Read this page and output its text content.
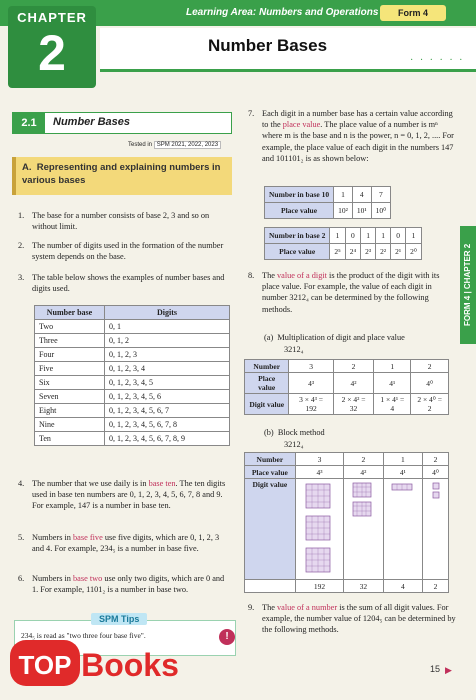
CHAPTER
2
Learning Area: Numbers and Operations	Form 4
Number Bases
· · · · · ·
FORM 4 | CHAPTER 2
2.1	Number Bases
Tested in SPM 2021, 2022, 2023
A. Representing and explaining numbers in various bases
1. The base for a number consists of base 2, 3 and so on without limit.
2. The number of digits used in the formation of the number system depends on the base.
3. The table below shows the examples of number bases and digits used.
Number base	Digits
Two	0, 1
Three	0, 1, 2
Four	0, 1, 2, 3
Five	0, 1, 2, 3, 4
Six	0, 1, 2, 3, 4, 5
Seven	0, 1, 2, 3, 4, 5, 6
Eight	0, 1, 2, 3, 4, 5, 6, 7
Nine	0, 1, 2, 3, 4, 5, 6, 7, 8
Ten	0, 1, 2, 3, 4, 5, 6, 7, 8, 9
4. The number that we use daily is in base ten. The ten digits used in base ten numbers are 0, 1, 2, 3, 4, 5, 6, 7, 8 and 9. For example, 147 is a number in base ten.
5. Numbers in base five use five digits, which are 0, 1, 2, 3 and 4. For example, 234₅ is a number in base five.
6. Numbers in base two use only two digits, which are 0 and 1. For example, 1101₂ is a number in base two.
SPM Tips
234₅ is read as "two three four base five".	!
TOP Books
7. Each digit in a number base has a certain value according to the place value. The place value of a number is mⁿ where m is the base and n is the power, n = 0, 1, 2, .... For example, the place value of each digit in the numbers 147 and 101101₂ is as shown below:
Number in base 10	1	4	7
Place value	10²	10¹	10⁰
Number in base 2	1	0	1	1	0	1
Place value	2⁵	2⁴	2³	2²	2¹	2⁰
8. The value of a digit is the product of the digit with its place value. For example, the value of each digit in number 3212₄ can be determined by the following methods.
(a) Multiplication of digit and place value
3212₄
Number	3	2	1	2
Place value	4³	4²	4¹	4⁰
Digit value	3 × 4³ = 192	2 × 4² = 32	1 × 4¹ = 4	2 × 4⁰ = 2
(b) Block method
3212₄
Number	3	2	1	2
Place value	4³	4²	4¹	4⁰
Digit value				
	192	32	4	2
9. The value of a number is the sum of all digit values. For example, the number value of 1204₅ can be determined by the following methods.
15 ▶
